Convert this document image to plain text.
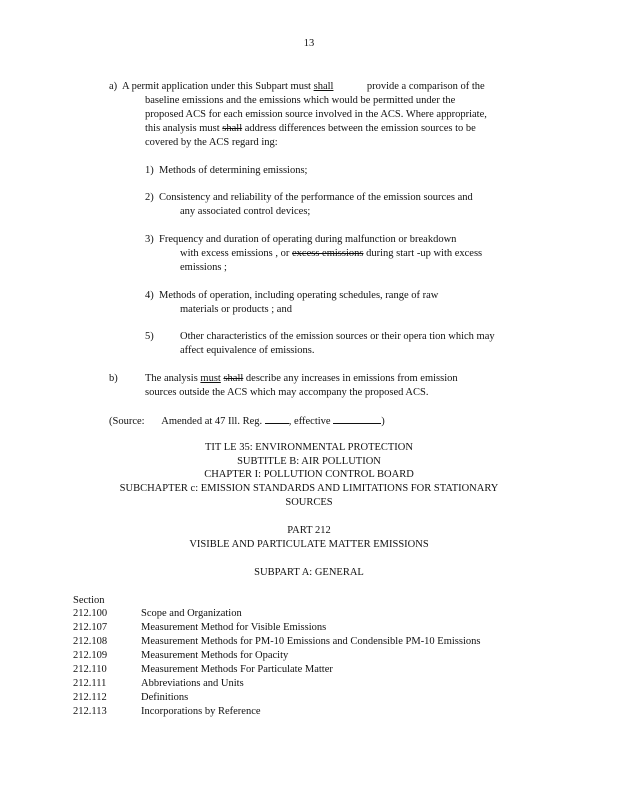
13
a) A permit application under this Subpart must shall	provide a comparison of the
baseline emissions and the emissions which would be permitted under the
proposed ACS for each emission source involved in the ACS. Where appropriate,
this analysis must shall address differences between the emission sources to be
covered by the ACS regard ing:
1) Methods of determining emissions;
2) Consistency and reliability of the performance of the emission sources and
any associated control devices;
3) Frequency and duration of operating during malfunction or breakdown
with excess emissions , or excess emissions during start -up with excess
emissions ;
4) Methods of operation, including operating schedules, range of raw
materials or products ; and
5)	Other characteristics of the emission sources or their opera tion which may
affect equivalence of emissions.
b)	The analysis must shall describe any increases in emissions from emission
sources outside the ACS which may accompany the proposed ACS.
(Source: Amended at 47 Ill. Reg.	, effective	)
TIT LE 35: ENVIRONMENTAL PROTECTION
SUBTITLE B: AIR POLLUTION
CHAPTER I: POLLUTION CONTROL BOARD
SUBCHAPTER c: EMISSION STANDARDS AND LIMITATIONS FOR STATIONARY
SOURCES
PART 212
VISIBLE AND PARTICULATE MATTER EMISSIONS
SUBPART A: GENERAL
Section
212.100	Scope and Organization
212.107	Measurement Method for Visible Emissions
212.108	Measurement Methods for PM-10 Emissions and Condensible PM-10 Emissions
212.109	Measurement Methods for Opacity
212.110	Measurement Methods For Particulate Matter
212.111	Abbreviations and Units
212.112	Definitions
212.113	Incorporations by Reference
